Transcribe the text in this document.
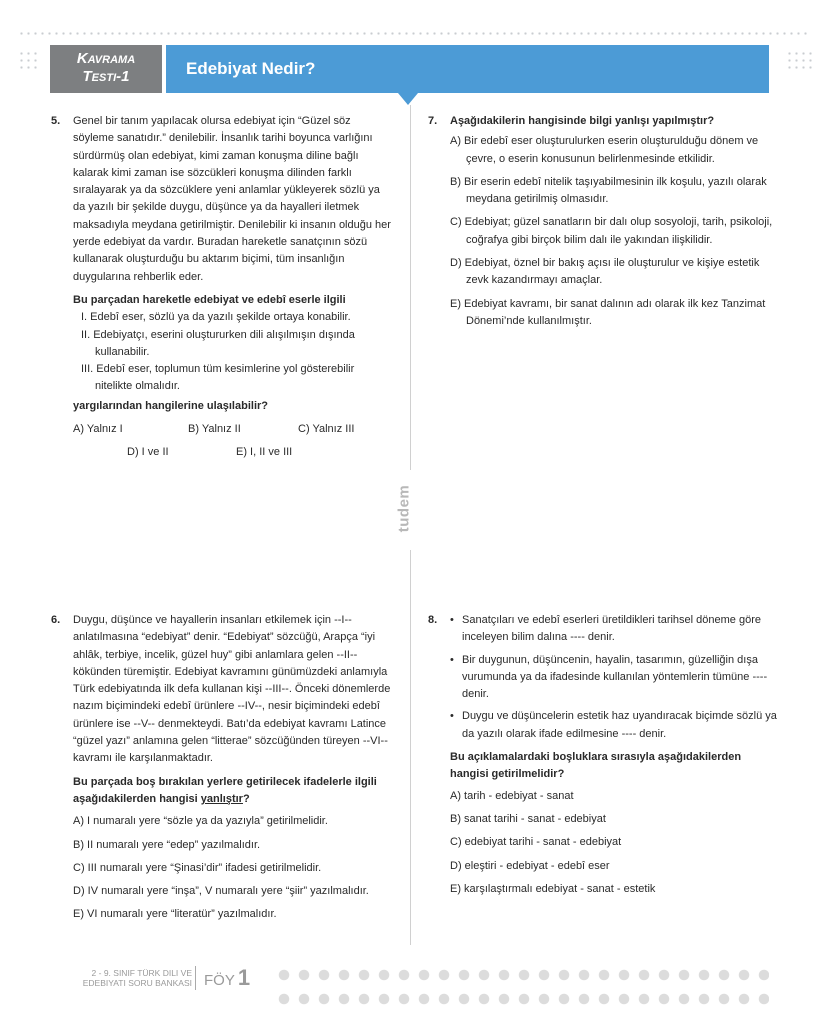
Kavrama
Testi-1	Edebiyat Nedir?
tudem
5. Genel bir tanım yapılacak olursa edebiyat için “Güzel söz söyleme sanatıdır.” denilebilir. İnsanlık tarihi boyunca varlığını sürdürmüş olan edebiyat, kimi zaman konuşma diline bağlı kalarak kimi zaman ise sözcükleri konuşma dilinden farklı sıralayarak ya da sözcüklere yeni anlamlar yükleyerek sözlü ya da yazılı bir şekilde duygu, düşünce ya da hayalleri iletmek maksadıyla meydana getirilmiştir. Denilebilir ki insanın olduğu her yerde edebiyat da vardır. Buradan hareketle sanatçının sözü kullanarak oluşturduğu bu aktarım biçimi, tüm insanlığın duygularına rehberlik eder.
Bu parçadan hareketle edebiyat ve edebî eserle ilgili
I. Edebî eser, sözlü ya da yazılı şekilde ortaya konabilir.
II. Edebiyatçı, eserini oluştururken dili alışılmışın dışında kullanabilir.
III. Edebî eser, toplumun tüm kesimlerine yol gösterebilir nitelikte olmalıdır.
yargılarından hangilerine ulaşılabilir?
A) Yalnız I	B) Yalnız II	C) Yalnız III
D) I ve II	E) I, II ve III
7. Aşağıdakilerin hangisinde bilgi yanlışı yapılmıştır?
A) Bir edebî eser oluşturulurken eserin oluşturulduğu dönem ve çevre, o eserin konusunun belirlenmesinde etkilidir.
B) Bir eserin edebî nitelik taşıyabilmesinin ilk koşulu, yazılı olarak meydana getirilmiş olmasıdır.
C) Edebiyat; güzel sanatların bir dalı olup sosyoloji, tarih, psikoloji, coğrafya gibi birçok bilim dalı ile yakından ilişkilidir.
D) Edebiyat, öznel bir bakış açısı ile oluşturulur ve kişiye estetik zevk kazandırmayı amaçlar.
E) Edebiyat kavramı, bir sanat dalının adı olarak ilk kez Tanzimat Dönemi’nde kullanılmıştır.
6. Duygu, düşünce ve hayallerin insanları etkilemek için --I-- anlatılmasına “edebiyat” denir. “Edebiyat” sözcüğü, Arapça “iyi ahlâk, terbiye, incelik, güzel huy” gibi anlamlara gelen --II-- kökünden türemiştir. Edebiyat kavramını günümüzdeki anlamıyla Türk edebiyatında ilk defa kullanan kişi --III--. Önceki dönemlerde nazım biçimindeki edebî ürünlere --IV--, nesir biçimindeki edebî ürünlere ise --V-- denmekteydi. Batı’da edebiyat kavramı Latince “güzel yazı” anlamına gelen “litterae” sözcüğünden türeyen --VI-- kavramı ile karşılanmaktadır.
Bu parçada boş bırakılan yerlere getirilecek ifadelerle ilgili aşağıdakilerden hangisi yanlıştır?
A) I numaralı yere “sözle ya da yazıyla” getirilmelidir.
B) II numaralı yere “edep” yazılmalıdır.
C) III numaralı yere “Şinasi’dir” ifadesi getirilmelidir.
D) IV numaralı yere “inşa”, V numaralı yere “şiir” yazılmalıdır.
E) VI numaralı yere “literatür” yazılmalıdır.
8.	• Sanatçıları ve edebî eserleri üretildikleri tarihsel döneme göre inceleyen bilim dalına ---- denir.
• Bir duygunun, düşüncenin, hayalin, tasarımın, güzelliğin dışa vurumunda ya da ifadesinde kullanılan yöntemlerin tümüne ---- denir.
• Duygu ve düşüncelerin estetik haz uyandıracak biçimde sözlü ya da yazılı olarak ifade edilmesine ---- denir.
Bu açıklamalardaki boşluklara sırasıyla aşağıdakilerden hangisi getirilmelidir?
A) tarih - edebiyat - sanat
B) sanat tarihi - sanat - edebiyat
C) edebiyat tarihi - sanat - edebiyat
D) eleştiri - edebiyat - edebî eser
E) karşılaştırmalı edebiyat - sanat - estetik
2 - 9. SINIF TÜRK DILI VE
EDEBIYATI SORU BANKASI FÖY 1
